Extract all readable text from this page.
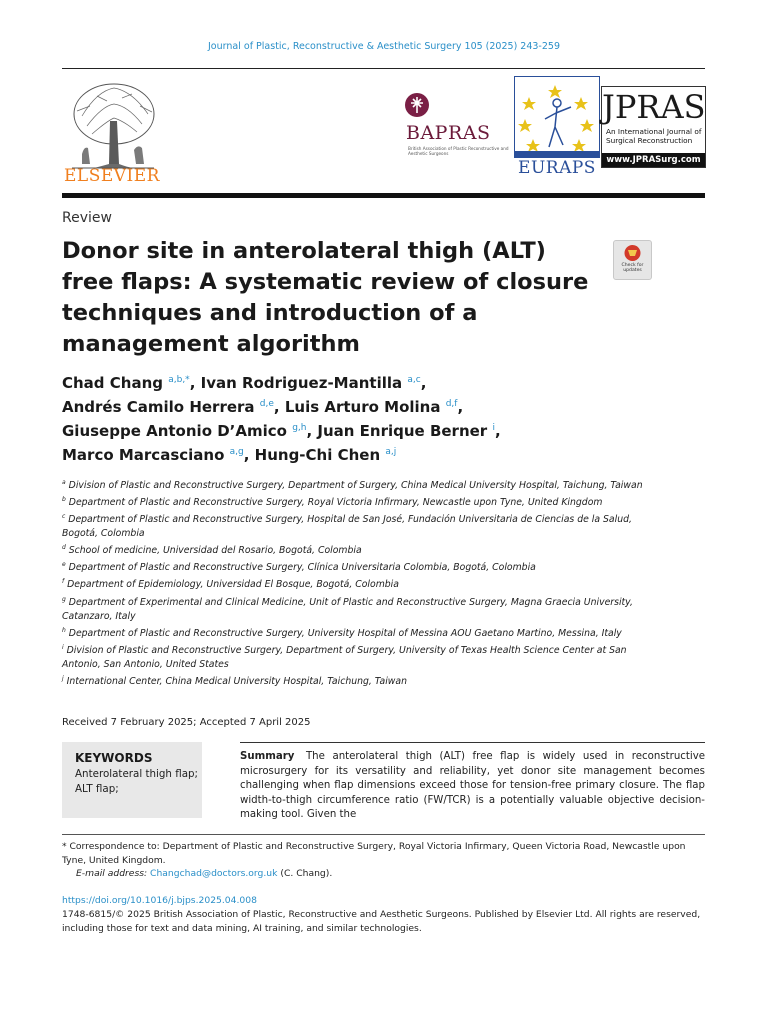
Journal of Plastic, Reconstructive & Aesthetic Surgery 105 (2025) 243-259
ELSEVIER
BAPRAS
British Association of Plastic Reconstructive and Aesthetic Surgeons
EURAPS
JPRAS
An International Journal of Surgical Reconstruction
www.JPRASurg.com
Review
Donor site in anterolateral thigh (ALT) free flaps: A systematic review of closure techniques and introduction of a management algorithm
Check for updates
Chad Chang $^{a,b,*}$, Ivan Rodriguez-Mantilla $^{a,c}$,
Andrés Camilo Herrera $^{d,e}$, Luis Arturo Molina $^{d,f}$,
Giuseppe Antonio D’Amico $^{g,h}$, Juan Enrique Berner $^i$,
Marco Marcasciano $^{a,g}$, Hung-Chi Chen $^{a,j}$
$^a$ Division of Plastic and Reconstructive Surgery, Department of Surgery, China Medical University Hospital, Taichung, Taiwan
$^b$ Department of Plastic and Reconstructive Surgery, Royal Victoria Infirmary, Newcastle upon Tyne, United Kingdom
$^c$ Department of Plastic and Reconstructive Surgery, Hospital de San José, Fundación Universitaria de Ciencias de la Salud, Bogotá, Colombia
$^d$ School of medicine, Universidad del Rosario, Bogotá, Colombia
$^e$ Department of Plastic and Reconstructive Surgery, Clínica Universitaria Colombia, Bogotá, Colombia
$^f$ Department of Epidemiology, Universidad El Bosque, Bogotá, Colombia
$^g$ Department of Experimental and Clinical Medicine, Unit of Plastic and Reconstructive Surgery, Magna Graecia University, Catanzaro, Italy
$^h$ Department of Plastic and Reconstructive Surgery, University Hospital of Messina AOU Gaetano Martino, Messina, Italy
$^i$ Division of Plastic and Reconstructive Surgery, Department of Surgery, University of Texas Health Science Center at San Antonio, San Antonio, United States
$^j$ International Center, China Medical University Hospital, Taichung, Taiwan
Received 7 February 2025; Accepted 7 April 2025
KEYWORDS
Anterolateral thigh flap;
ALT flap;
Summary The anterolateral thigh (ALT) free flap is widely used in reconstructive microsurgery for its versatility and reliability, yet donor site management becomes challenging when flap dimensions exceed those for tension-free primary closure. The flap width-to-thigh circumference ratio (FW/TCR) is a potentially valuable objective decision-making tool. Given the
* Correspondence to: Department of Plastic and Reconstructive Surgery, Royal Victoria Infirmary, Queen Victoria Road, Newcastle upon Tyne, United Kingdom.
E-mail address: Changchad@doctors.org.uk (C. Chang).
https://doi.org/10.1016/j.bjps.2025.04.008
1748-6815/© 2025 British Association of Plastic, Reconstructive and Aesthetic Surgeons. Published by Elsevier Ltd. All rights are reserved, including those for text and data mining, AI training, and similar technologies.
